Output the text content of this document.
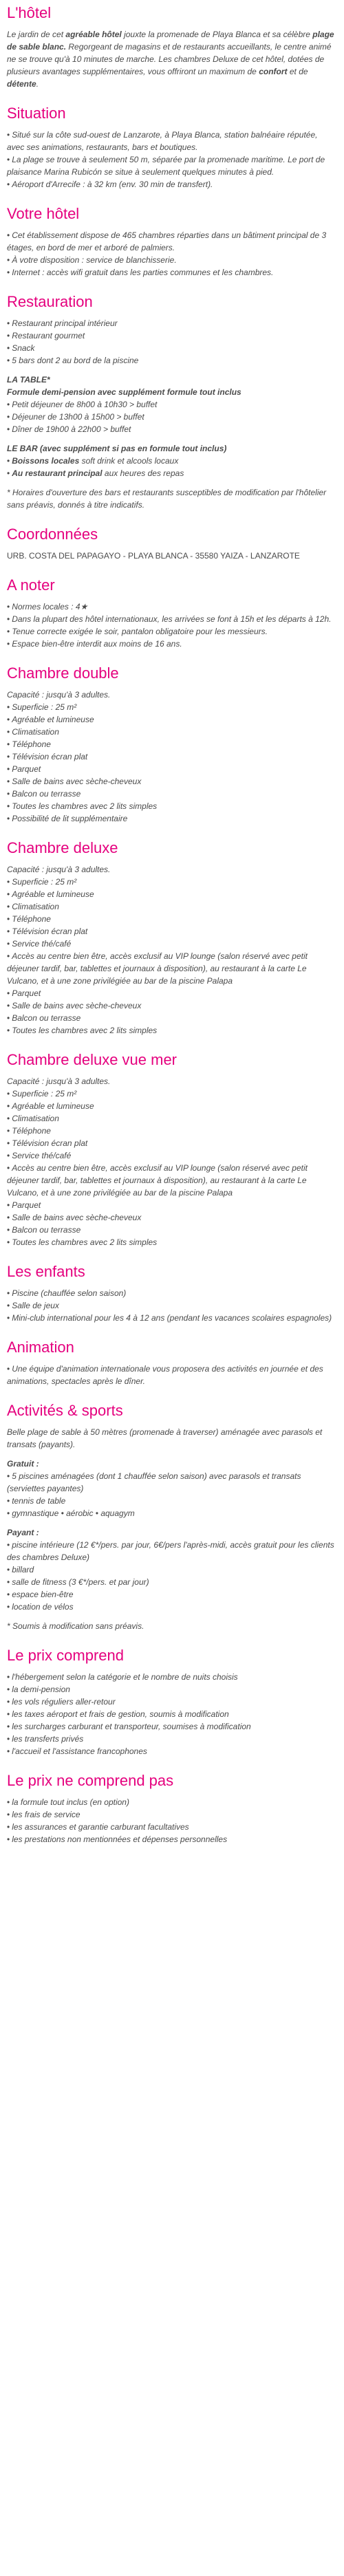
L'hôtel

Le jardin de cet agréable hôtel jouxte la promenade de Playa Blanca et sa célèbre plage de sable blanc. Regorgeant de magasins et de restaurants accueillants, le centre animé ne se trouve qu'à 10 minutes de marche. Les chambres Deluxe de cet hôtel, dotées de plusieurs avantages supplémentaires, vous offriront un maximum de confort et de détente.

Situation
• Situé sur la côte sud-ouest de Lanzarote, à Playa Blanca, station balnéaire réputée, avec ses animations, restaurants, bars et boutiques.
• La plage se trouve à seulement 50 m, séparée par la promenade maritime. Le port de plaisance Marina Rubicón se situe à seulement quelques minutes à pied.
• Aéroport d'Arrecife : à 32 km (env. 30 min de transfert).
Votre hôtel
• Cet établissement dispose de 465 chambres réparties dans un bâtiment principal de 3 étages, en bord de mer et arboré de palmiers.
• À votre disposition : service de blanchisserie.
• Internet : accès wifi gratuit dans les parties communes et les chambres.
Restauration
• Restaurant principal intérieur
• Restaurant gourmet
• Snack
• 5 bars dont 2 au bord de la piscine
LA TABLE*
Formule demi-pension avec supplément formule tout inclus
• Petit déjeuner de 8h00 à 10h30 > buffet
• Déjeuner de 13h00 à 15h00 > buffet
• Dîner de 19h00 à 22h00 > buffet
LE BAR (avec supplément si pas en formule tout inclus)
• Boissons locales soft drink et alcools locaux
• Au restaurant principal aux heures des repas

* Horaires d'ouverture des bars et restaurants susceptibles de modification par l'hôtelier sans préavis, donnés à titre indicatifs.

Coordonnées

URB. COSTA DEL PAPAGAYO - PLAYA BLANCA - 35580 YAIZA - LANZAROTE

A noter
• Normes locales : 4★
• Dans la plupart des hôtel internationaux, les arrivées se font à 15h et les départs à 12h.
• Tenue correcte exigée le soir, pantalon obligatoire pour les messieurs.
• Espace bien-être interdit aux moins de 16 ans.
Chambre double
Capacité : jusqu'à 3 adultes.
• Superficie : 25 m²
• Agréable et lumineuse
• Climatisation
• Téléphone
• Télévision écran plat
• Parquet
• Salle de bains avec sèche-cheveux
• Balcon ou terrasse
• Toutes les chambres avec 2 lits simples
• Possibilité de lit supplémentaire
Chambre deluxe
Capacité : jusqu'à 3 adultes.
• Superficie : 25 m²
• Agréable et lumineuse
• Climatisation
• Téléphone
• Télévision écran plat
• Service thé/café
• Accès au centre bien être, accès exclusif au VIP lounge (salon réservé avec petit déjeuner tardif, bar, tablettes et journaux à disposition), au restaurant à la carte Le Vulcano, et à une zone privilégiée au bar de la piscine Palapa
• Parquet
• Salle de bains avec sèche-cheveux
• Balcon ou terrasse
• Toutes les chambres avec 2 lits simples
Chambre deluxe vue mer
Capacité : jusqu'à 3 adultes.
• Superficie : 25 m²
• Agréable et lumineuse
• Climatisation
• Téléphone
• Télévision écran plat
• Service thé/café
• Accès au centre bien être, accès exclusif au VIP lounge (salon réservé avec petit déjeuner tardif, bar, tablettes et journaux à disposition), au restaurant à la carte Le Vulcano, et à une zone privilégiée au bar de la piscine Palapa
• Parquet
• Salle de bains avec sèche-cheveux
• Balcon ou terrasse
• Toutes les chambres avec 2 lits simples
Les enfants
• Piscine (chauffée selon saison)
• Salle de jeux
• Mini-club international pour les 4 à 12 ans (pendant les vacances scolaires espagnoles)
Animation
• Une équipe d'animation internationale vous proposera des activités en journée et des animations, spectacles après le dîner.
Activités & sports

Belle plage de sable à 50 mètres (promenade à traverser) aménagée avec parasols et transats (payants).

Gratuit :
• 5 piscines aménagées (dont 1 chauffée selon saison) avec parasols et transats (serviettes payantes)
• tennis de table
• gymnastique • aérobic • aquagym
Payant :
• piscine intérieure (12 €*/pers. par jour, 6€/pers l'après-midi, accès gratuit pour les clients des chambres Deluxe)
• billard
• salle de fitness (3 €*/pers. et par jour)
• espace bien-être
• location de vélos

* Soumis à modification sans préavis.

Le prix comprend
• l'hébergement selon la catégorie et le nombre de nuits choisis
• la demi-pension
• les vols réguliers aller-retour
• les taxes aéroport et frais de gestion, soumis à modification
• les surcharges carburant et transporteur, soumises à modification
• les transferts privés
• l'accueil et l'assistance francophones
Le prix ne comprend pas
• la formule tout inclus (en option)
• les frais de service
• les assurances et garantie carburant facultatives
• les prestations non mentionnées et dépenses personnelles
